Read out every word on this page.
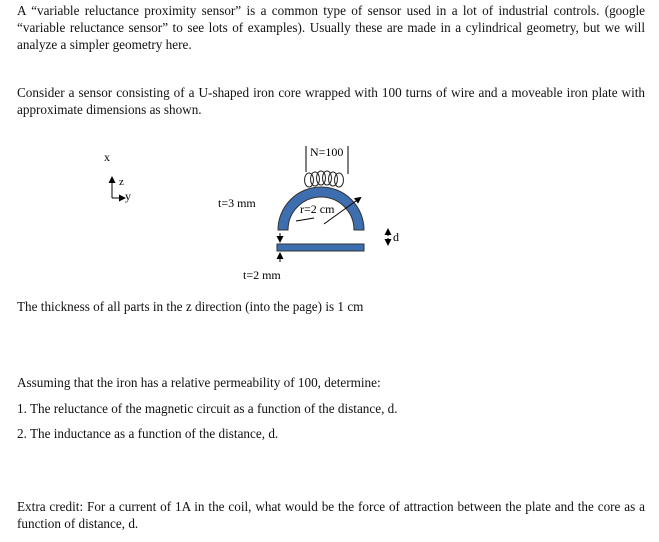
A “variable reluctance proximity sensor” is a common type of sensor used in a lot of industrial controls. (google “variable reluctance sensor” to see lots of examples). Usually these are made in a cylindrical geometry, but we will analyze a simpler geometry here.
Consider a sensor consisting of a U-shaped iron core wrapped with 100 turns of wire and a moveable iron plate with approximate dimensions as shown.
x
z
y
N=100
r=2 cm
t=3 mm
d
t=2 mm
The thickness of all parts in the z direction (into the page) is 1 cm
Assuming that the iron has a relative permeability of 100, determine:
1. The reluctance of the magnetic circuit as a function of the distance, d.
2. The inductance as a function of the distance, d.
Extra credit: For a current of 1A in the coil, what would be the force of attraction between the plate and the core as a function of distance, d.
